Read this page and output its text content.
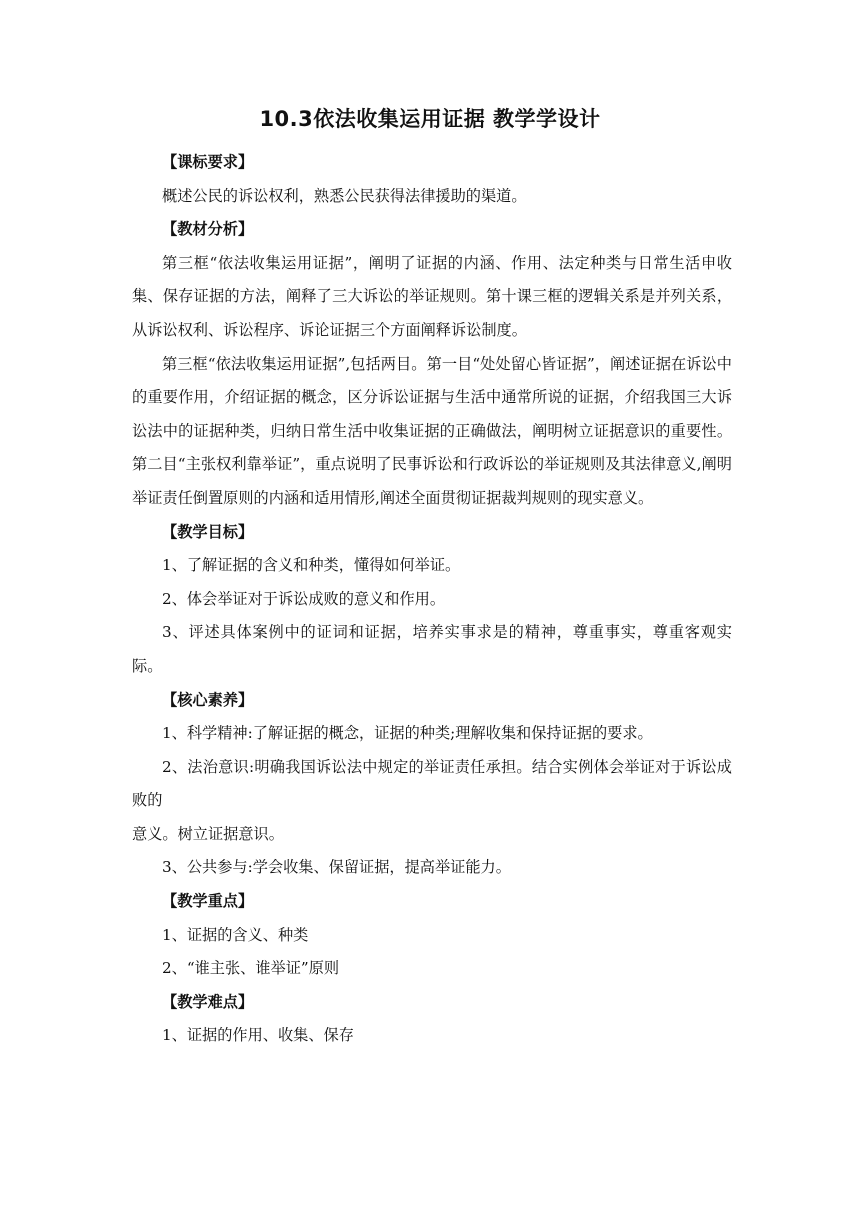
10.3依法收集运用证据 教学学设计

【课标要求】

概述公民的诉讼权利，熟悉公民获得法律援助的渠道。

【教材分析】

第三框“依法收集运用证据”，阐明了证据的内涵、作用、法定种类与日常生活申收集、保存证据的方法，阐释了三大诉讼的举证规则。第十课三框的逻辑关系是并列关系，从诉讼权利、诉讼程序、诉论证据三个方面阐释诉讼制度。

第三框“依法收集运用证据”,包括两目。第一目“处处留心皆证据”，阐述证据在诉讼中的重要作用，介绍证据的概念，区分诉讼证据与生活中通常所说的证据，介绍我国三大诉讼法中的证据种类，归纳日常生活中收集证据的正确做法，阐明树立证据意识的重要性。第二目“主张权利靠举证”，重点说明了民事诉讼和行政诉讼的举证规则及其法律意义,阐明举证责任倒置原则的内涵和适用情形,阐述全面贯彻证据裁判规则的现实意义。

【教学目标】

1、了解证据的含义和种类，懂得如何举证。

2、体会举证对于诉讼成败的意义和作用。

3、评述具体案例中的证词和证据，培养实事求是的精神，尊重事实，尊重客观实际。

【核心素养】

1、科学精神:了解证据的概念，证据的种类;理解收集和保持证据的要求。

2、法治意识:明确我国诉讼法中规定的举证责任承担。结合实例体会举证对于诉讼成败的

意义。树立证据意识。

3、公共参与:学会收集、保留证据，提高举证能力。

【教学重点】

1、证据的含义、种类

2、“谁主张、谁举证”原则

【教学难点】

1、证据的作用、收集、保存
